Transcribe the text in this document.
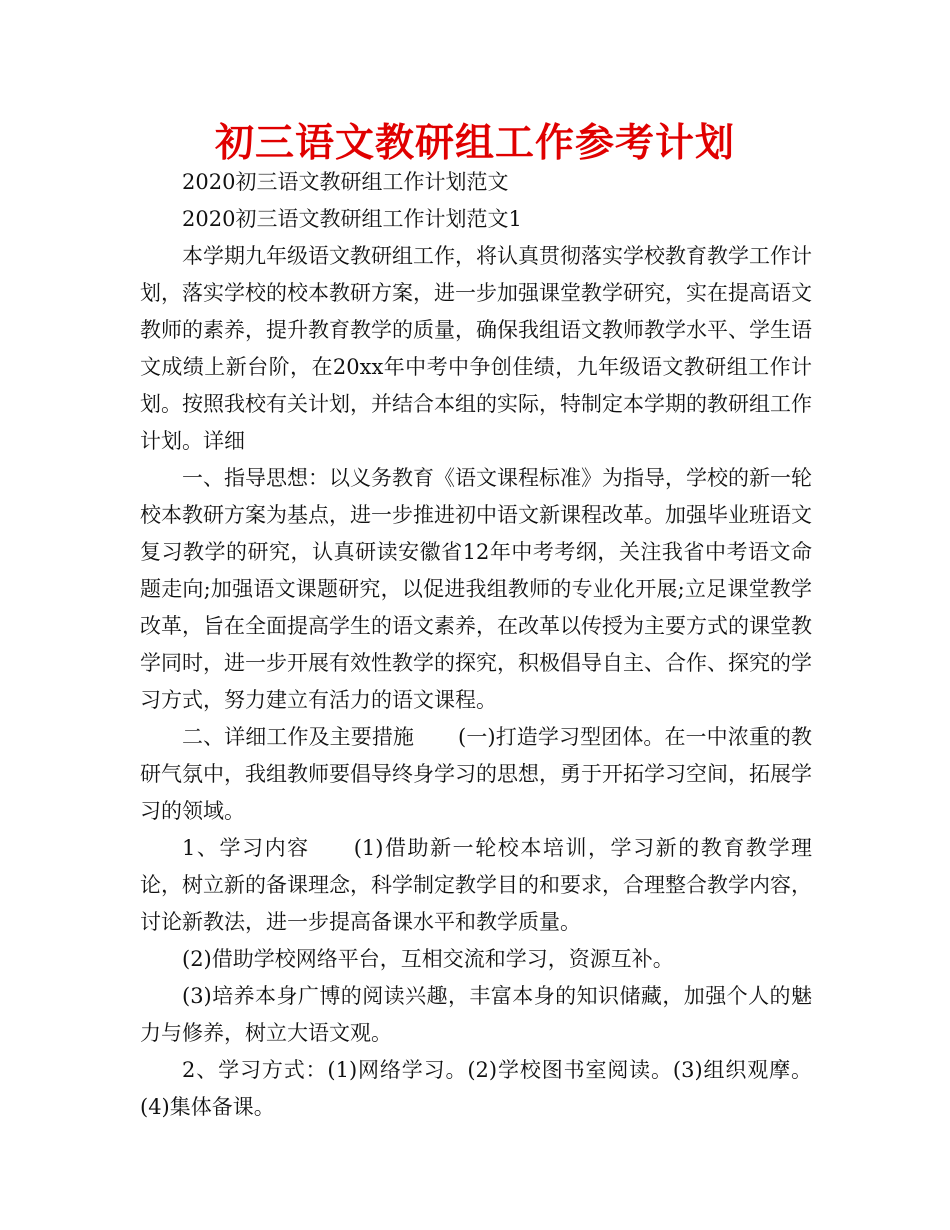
初三语文教研组工作参考计划

2020初三语文教研组工作计划范文

2020初三语文教研组工作计划范文1

本学期九年级语文教研组工作，将认真贯彻落实学校教育教学工作计划，落实学校的校本教研方案，进一步加强课堂教学研究，实在提高语文教师的素养，提升教育教学的质量，确保我组语文教师教学水平、学生语文成绩上新台阶，在20xx年中考中争创佳绩，九年级语文教研组工作计划。按照我校有关计划，并结合本组的实际，特制定本学期的教研组工作计划。详细

一、指导思想：以义务教育《语文课程标准》为指导，学校的新一轮校本教研方案为基点，进一步推进初中语文新课程改革。加强毕业班语文复习教学的研究，认真研读安徽省12年中考考纲，关注我省中考语文命题走向;加强语文课题研究，以促进我组教师的专业化开展;立足课堂教学改革，旨在全面提高学生的语文素养，在改革以传授为主要方式的课堂教学同时，进一步开展有效性教学的探究，积极倡导自主、合作、探究的学习方式，努力建立有活力的语文课程。

二、详细工作及主要措施 (一)打造学习型团体。在一中浓重的教研气氛中，我组教师要倡导终身学习的思想，勇于开拓学习空间，拓展学习的领域。

1、学习内容 (1)借助新一轮校本培训，学习新的教育教学理论，树立新的备课理念，科学制定教学目的和要求，合理整合教学内容，讨论新教法，进一步提高备课水平和教学质量。

(2)借助学校网络平台，互相交流和学习，资源互补。

(3)培养本身广博的阅读兴趣，丰富本身的知识储藏，加强个人的魅力与修养，树立大语文观。

2、学习方式：(1)网络学习。(2)学校图书室阅读。(3)组织观摩。(4)集体备课。
